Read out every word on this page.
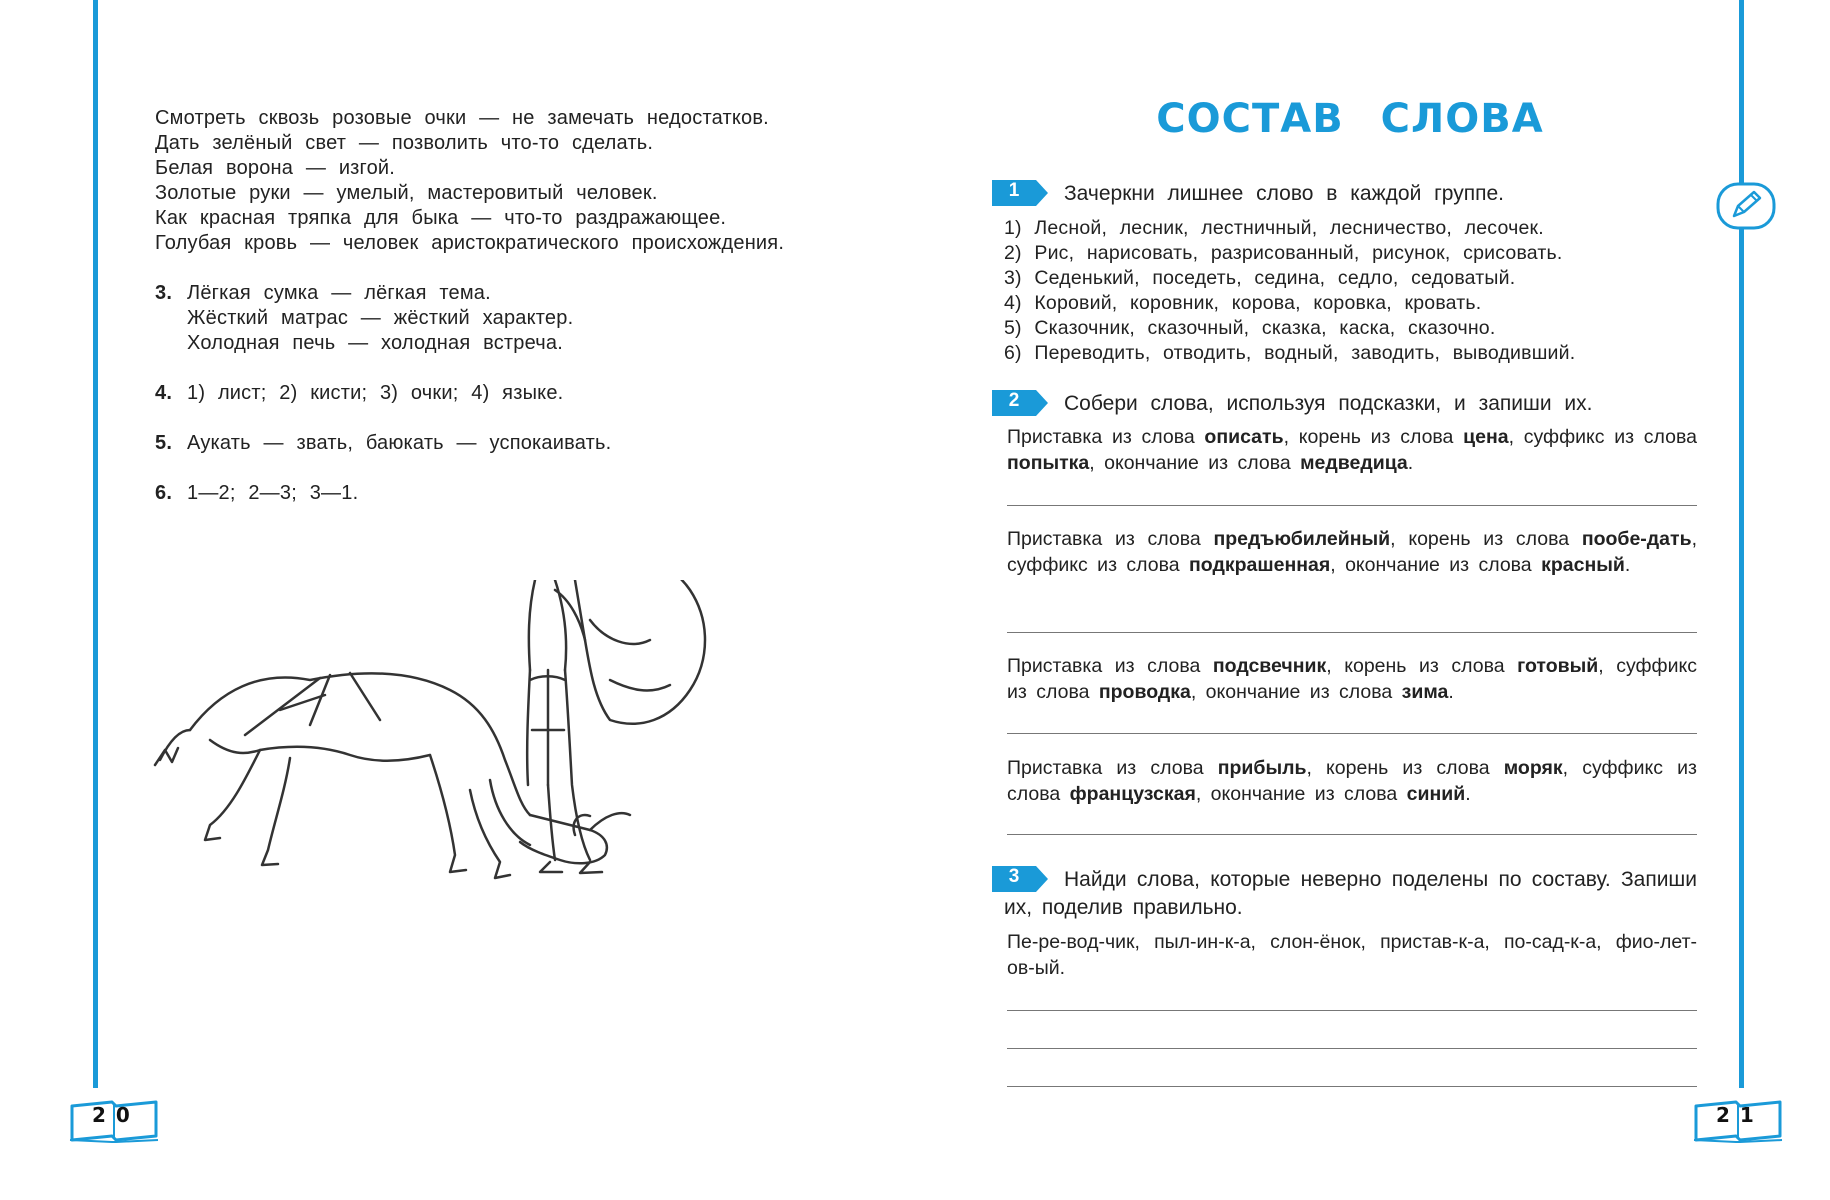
Смотреть сквозь розовые очки — не замечать недостатков.
Дать зелёный свет — позволить что-то сделать.
Белая ворона — изгой.
Золотые руки — умелый, мастеровитый человек.
Как красная тряпка для быка — что-то раздражающее.
Голубая кровь — человек аристократического происхождения.
3. Лёгкая сумка — лёгкая тема.
Жёсткий матрас — жёсткий характер.
Холодная печь — холодная встреча.
4. 1) лист; 2) кисти; 3) очки; 4) языке.
5. Аукать — звать, баюкать — успокаивать.
6. 1—2; 2—3; 3—1.
20
СОСТАВ СЛОВА
1	Зачеркни лишнее слово в каждой группе.
1) Лесной, лесник, лестничный, лесничество, лесочек.
2) Рис, нарисовать, разрисованный, рисунок, срисовать.
3) Седенький, поседеть, седина, седло, седоватый.
4) Коровий, коровник, корова, коровка, кровать.
5) Сказочник, сказочный, сказка, каска, сказочно.
6) Переводить, отводить, водный, заводить, выводивший.
2	Собери слова, используя подсказки, и запиши их.
Приставка из слова описать, корень из слова цена, суффикс из слова попытка, окончание из слова медведица.
Приставка из слова предъюбилейный, корень из слова пообе-дать, суффикс из слова подкрашенная, окончание из слова красный.
Приставка из слова подсвечник, корень из слова готовый, суффикс из слова проводка, окончание из слова зима.
Приставка из слова прибыль, корень из слова моряк, суффикс из слова французская, окончание из слова синий.
3	Найди слова, которые неверно поделены по составу. Запиши их, поделив правильно.
Пе-ре-вод-чик, пыл-ин-к-а, слон-ёнок, пристав-к-а, по-сад-к-а, фио-лет-ов-ый.
21
